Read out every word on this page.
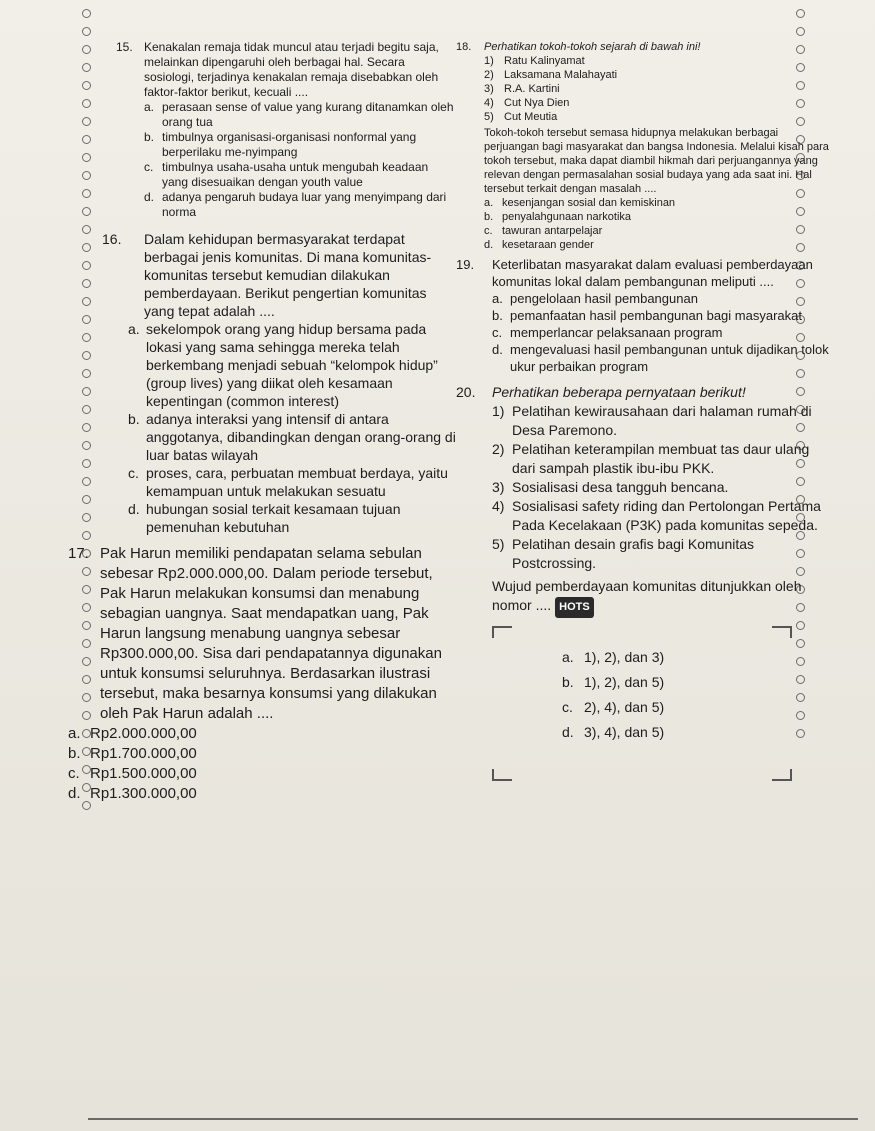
15. Kenakalan remaja tidak muncul atau terjadi begitu saja, melainkan dipengaruhi oleh berbagai hal. Secara sosiologi, terjadinya kenakalan remaja disebabkan oleh faktor-faktor berikut, kecuali ....
a. perasaan sense of value yang kurang ditanamkan oleh orang tua
b. timbulnya organisasi-organisasi nonformal yang berperilaku me-nyimpang
c. timbulnya usaha-usaha untuk mengubah keadaan yang disesuaikan dengan youth value
d. adanya pengaruh budaya luar yang menyimpang dari norma
16.	Dalam kehidupan bermasyarakat terdapat berbagai jenis komunitas. Di mana komunitas-komunitas tersebut kemudian dilakukan pemberdayaan. Berikut pengertian komunitas yang tepat adalah ....
a. sekelompok orang yang hidup bersama pada lokasi yang sama sehingga mereka telah berkembang menjadi sebuah “kelompok hidup” (group lives) yang diikat oleh kesamaan kepentingan (common interest)
b. adanya interaksi yang intensif di antara anggotanya, dibandingkan dengan orang-orang di luar batas wilayah
c. proses, cara, perbuatan membuat berdaya, yaitu kemampuan untuk melakukan sesuatu
d. hubungan sosial terkait kesamaan tujuan pemenuhan kebutuhan
17. Pak Harun memiliki pendapatan selama sebulan sebesar Rp2.000.000,00. Dalam periode tersebut, Pak Harun melakukan konsumsi dan menabung sebagian uangnya. Saat mendapatkan uang, Pak Harun langsung menabung uangnya sebesar Rp300.000,00. Sisa dari pendapatannya digunakan untuk konsumsi seluruhnya. Berdasarkan ilustrasi tersebut, maka besarnya konsumsi yang dilakukan oleh Pak Harun adalah ....
a. Rp2.000.000,00
b. Rp1.700.000,00
c. Rp1.500.000,00
d. Rp1.300.000,00
18.	Perhatikan tokoh-tokoh sejarah di bawah ini!
1) Ratu Kalinyamat
2) Laksamana Malahayati
3) R.A. Kartini
4) Cut Nya Dien
5) Cut Meutia
Tokoh-tokoh tersebut semasa hidupnya melakukan berbagai perjuangan bagi masyarakat dan bangsa Indonesia. Melalui kisah para tokoh tersebut, maka dapat diambil hikmah dari perjuangannya yang relevan dengan permasalahan sosial budaya yang ada saat ini. Hal tersebut terkait dengan masalah ....
a. kesenjangan sosial dan kemiskinan
b. penyalahgunaan narkotika
c. tawuran antarpelajar
d. kesetaraan gender
19.	Keterlibatan masyarakat dalam evaluasi pemberdayaan komunitas lokal dalam pembangunan meliputi ....
a. pengelolaan hasil pembangunan
b. pemanfaatan hasil pembangunan bagi masyarakat
c. memperlancar pelaksanaan program
d. mengevaluasi hasil pembangunan untuk dijadikan tolok ukur perbaikan program
20.	Perhatikan beberapa pernyataan berikut!
1) Pelatihan kewirausahaan dari halaman rumah di Desa Paremono.
2) Pelatihan keterampilan membuat tas daur ulang dari sampah plastik ibu-ibu PKK.
3) Sosialisasi desa tangguh bencana.
4) Sosialisasi safety riding dan Pertolongan Pertama Pada Kecelakaan (P3K) pada komunitas sepeda.
5) Pelatihan desain grafis bagi Komunitas Postcrossing.
Wujud pemberdayaan komunitas ditunjukkan oleh nomor .... HOTS
a. 1), 2), dan 3)
b. 1), 2), dan 5)
c. 2), 4), dan 5)
d. 3), 4), dan 5)
